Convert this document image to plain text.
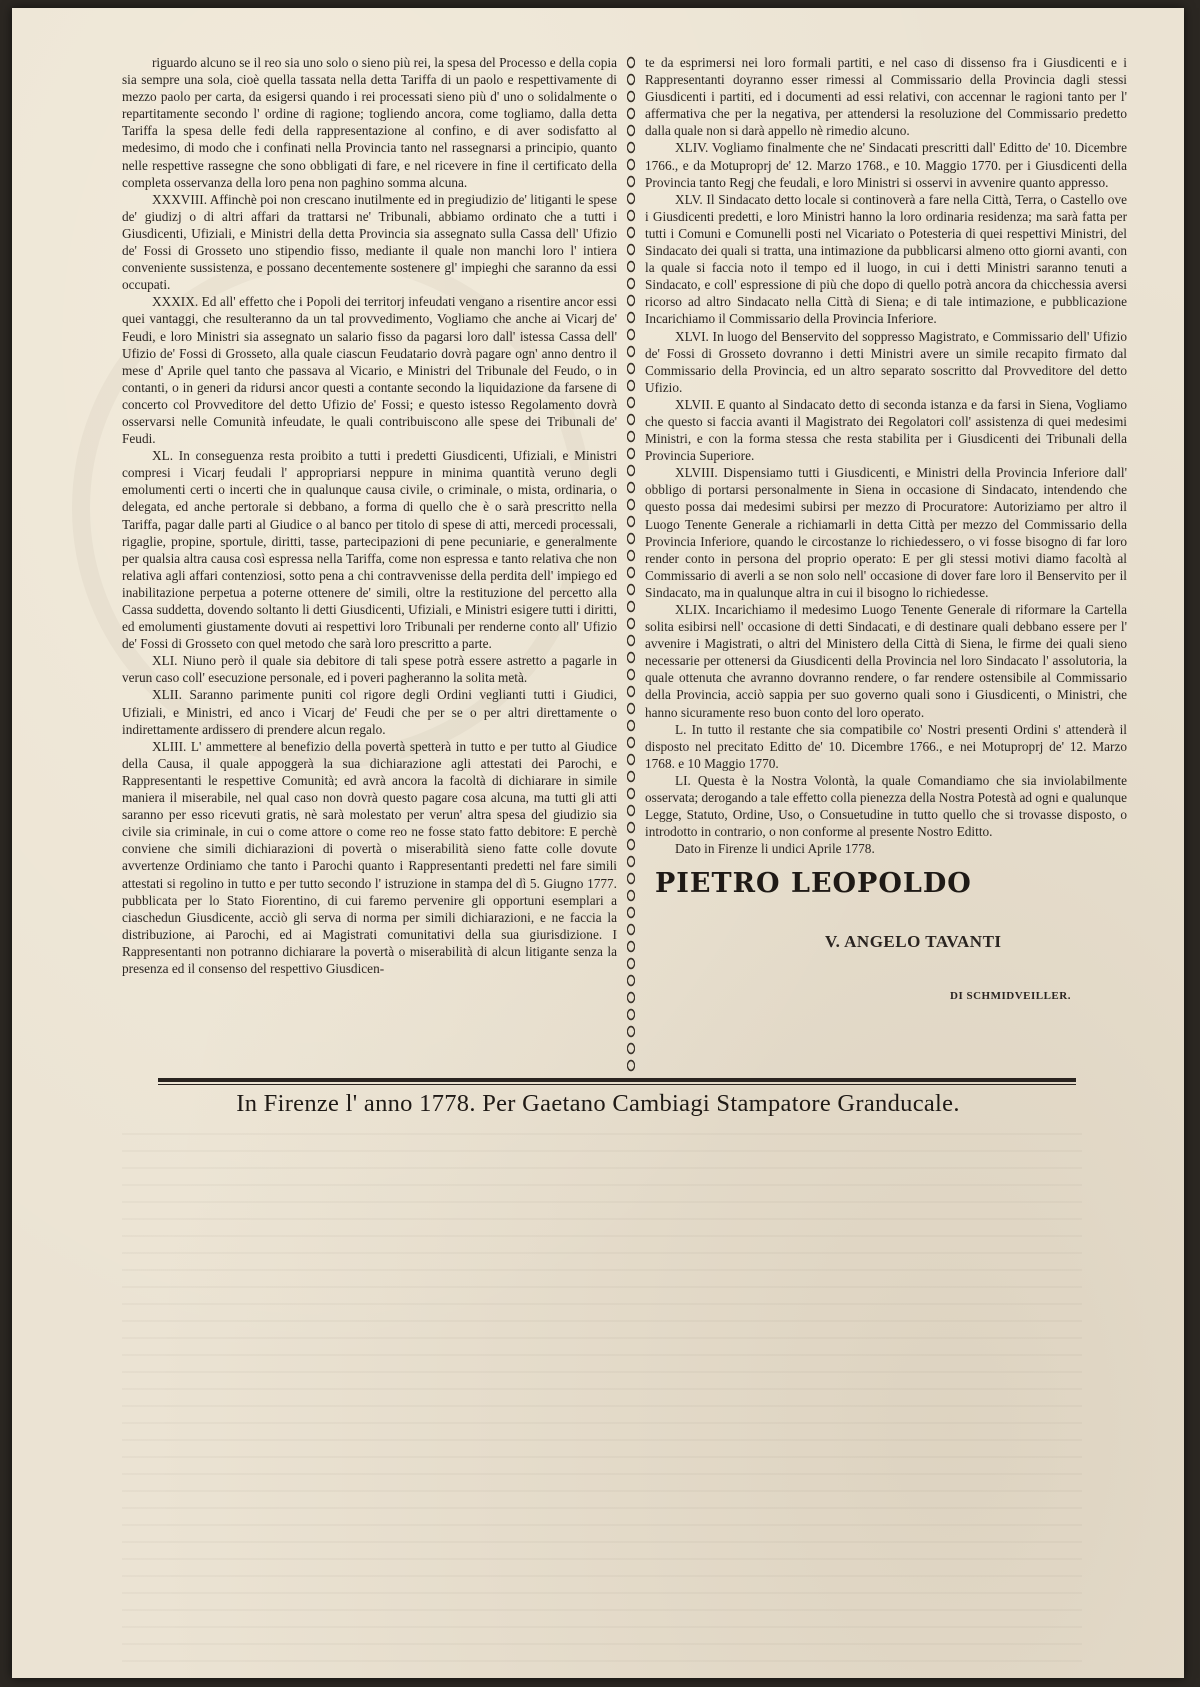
riguardo alcuno se il reo sia uno solo o sieno più rei, la spesa del Processo e della copia sia sempre una sola, cioè quella tassata nella detta Tariffa di un paolo e respettivamente di mezzo paolo per carta, da esigersi quando i rei processati sieno più d' uno o solidalmente o repartitamente secondo l' ordine di ragione; togliendo ancora, come togliamo, dalla detta Tariffa la spesa delle fedi della rappresentazione al confino, e di aver sodisfatto al medesimo, di modo che i confinati nella Provincia tanto nel rassegnarsi a principio, quanto nelle respettive rassegne che sono obbligati di fare, e nel ricevere in fine il certificato della completa osservanza della loro pena non paghino somma alcuna.

XXXVIII. Affinchè poi non crescano inutilmente ed in pregiudizio de' litiganti le spese de' giudizj o di altri affari da trattarsi ne' Tribunali, abbiamo ordinato che a tutti i Giusdicenti, Ufiziali, e Ministri della detta Provincia sia assegnato sulla Cassa dell' Ufizio de' Fossi di Grosseto uno stipendio fisso, mediante il quale non manchi loro l' intiera conveniente sussistenza, e possano decentemente sostenere gl' impieghi che saranno da essi occupati.

XXXIX. Ed all' effetto che i Popoli dei territorj infeudati vengano a risentire ancor essi quei vantaggi, che resulteranno da un tal provvedimento, Vogliamo che anche ai Vicarj de' Feudi, e loro Ministri sia assegnato un salario fisso da pagarsi loro dall' istessa Cassa dell' Ufizio de' Fossi di Grosseto, alla quale ciascun Feudatario dovrà pagare ogn' anno dentro il mese d' Aprile quel tanto che passava al Vicario, e Ministri del Tribunale del Feudo, o in contanti, o in generi da ridursi ancor questi a contante secondo la liquidazione da farsene di concerto col Provveditore del detto Ufizio de' Fossi; e questo istesso Regolamento dovrà osservarsi nelle Comunità infeudate, le quali contribuiscono alle spese dei Tribunali de' Feudi.

XL. In conseguenza resta proibito a tutti i predetti Giusdicenti, Ufiziali, e Ministri compresi i Vicarj feudali l' appropriarsi neppure in minima quantità veruno degli emolumenti certi o incerti che in qualunque causa civile, o criminale, o mista, ordinaria, o delegata, ed anche pertorale si debbano, a forma di quello che è o sarà prescritto nella Tariffa, pagar dalle parti al Giudice o al banco per titolo di spese di atti, mercedi processali, rigaglie, propine, sportule, diritti, tasse, partecipazioni di pene pecuniarie, e generalmente per qualsia altra causa così espressa nella Tariffa, come non espressa e tanto relativa che non relativa agli affari contenziosi, sotto pena a chi contravvenisse della perdita dell' impiego ed inabilitazione perpetua a poterne ottenere de' simili, oltre la restituzione del percetto alla Cassa suddetta, dovendo soltanto li detti Giusdicenti, Ufiziali, e Ministri esigere tutti i diritti, ed emolumenti giustamente dovuti ai respettivi loro Tribunali per renderne conto all' Ufizio de' Fossi di Grosseto con quel metodo che sarà loro prescritto a parte.

XLI. Niuno però il quale sia debitore di tali spese potrà essere astretto a pagarle in verun caso coll' esecuzione personale, ed i poveri pagheranno la solita metà.

XLII. Saranno parimente puniti col rigore degli Ordini veglianti tutti i Giudici, Ufiziali, e Ministri, ed anco i Vicarj de' Feudi che per se o per altri direttamente o indirettamente ardissero di prendere alcun regalo.

XLIII. L' ammettere al benefizio della povertà spetterà in tutto e per tutto al Giudice della Causa, il quale appoggerà la sua dichiarazione agli attestati dei Parochi, e Rappresentanti le respettive Comunità; ed avrà ancora la facoltà di dichiarare in simile maniera il miserabile, nel qual caso non dovrà questo pagare cosa alcuna, ma tutti gli atti saranno per esso ricevuti gratis, nè sarà molestato per verun' altra spesa del giudizio sia civile sia criminale, in cui o come attore o come reo ne fosse stato fatto debitore: E perchè conviene che simili dichiarazioni di povertà o miserabilità sieno fatte colle dovute avvertenze Ordiniamo che tanto i Parochi quanto i Rappresentanti predetti nel fare simili attestati si regolino in tutto e per tutto secondo l' istruzione in stampa del dì 5. Giugno 1777. pubblicata per lo Stato Fiorentino, di cui faremo pervenire gli opportuni esemplari a ciaschedun Giusdicente, acciò gli serva di norma per simili dichiarazioni, e ne faccia la distribuzione, ai Parochi, ed ai Magistrati comunitativi della sua giurisdizione. I Rappresentanti non potranno dichiarare la povertà o miserabilità di alcun litigante senza la presenza ed il consenso del respettivo Giusdicen-

te da esprimersi nei loro formali partiti, e nel caso di dissenso fra i Giusdicenti e i Rappresentanti doyranno esser rimessi al Commissario della Provincia dagli stessi Giusdicenti i partiti, ed i documenti ad essi relativi, con accennar le ragioni tanto per l' affermativa che per la negativa, per attendersi la resoluzione del Commissario predetto dalla quale non si darà appello nè rimedio alcuno.

XLIV. Vogliamo finalmente che ne' Sindacati prescritti dall' Editto de' 10. Dicembre 1766., e da Motuproprj de' 12. Marzo 1768., e 10. Maggio 1770. per i Giusdicenti della Provincia tanto Regj che feudali, e loro Ministri si osservi in avvenire quanto appresso.

XLV. Il Sindacato detto locale si continoverà a fare nella Città, Terra, o Castello ove i Giusdicenti predetti, e loro Ministri hanno la loro ordinaria residenza; ma sarà fatta per tutti i Comuni e Comunelli posti nel Vicariato o Potesteria di quei respettivi Ministri, del Sindacato dei quali si tratta, una intimazione da pubblicarsi almeno otto giorni avanti, con la quale si faccia noto il tempo ed il luogo, in cui i detti Ministri saranno tenuti a Sindacato, e coll' espressione di più che dopo di quello potrà ancora da chicchessia aversi ricorso ad altro Sindacato nella Città di Siena; e di tale intimazione, e pubblicazione Incarichiamo il Commissario della Provincia Inferiore.

XLVI. In luogo del Benservito del soppresso Magistrato, e Commissario dell' Ufizio de' Fossi di Grosseto dovranno i detti Ministri avere un simile recapito firmato dal Commissario della Provincia, ed un altro separato soscritto dal Provveditore del detto Ufizio.

XLVII. E quanto al Sindacato detto di seconda istanza e da farsi in Siena, Vogliamo che questo si faccia avanti il Magistrato dei Regolatori coll' assistenza di quei medesimi Ministri, e con la forma stessa che resta stabilita per i Giusdicenti dei Tribunali della Provincia Superiore.

XLVIII. Dispensiamo tutti i Giusdicenti, e Ministri della Provincia Inferiore dall' obbligo di portarsi personalmente in Siena in occasione di Sindacato, intendendo che questo possa dai medesimi subirsi per mezzo di Procuratore: Autoriziamo per altro il Luogo Tenente Generale a richiamarli in detta Città per mezzo del Commissario della Provincia Inferiore, quando le circostanze lo richiedessero, o vi fosse bisogno di far loro render conto in persona del proprio operato: E per gli stessi motivi diamo facoltà al Commissario di averli a se non solo nell' occasione di dover fare loro il Benservito per il Sindacato, ma in qualunque altra in cui il bisogno lo richiedesse.

XLIX. Incarichiamo il medesimo Luogo Tenente Generale di riformare la Cartella solita esibirsi nell' occasione di detti Sindacati, e di destinare quali debbano essere per l' avvenire i Magistrati, o altri del Ministero della Città di Siena, le firme dei quali sieno necessarie per ottenersi da Giusdicenti della Provincia nel loro Sindacato l' assolutoria, la quale ottenuta che avranno dovranno rendere, o far rendere ostensibile al Commissario della Provincia, acciò sappia per suo governo quali sono i Giusdicenti, o Ministri, che hanno sicuramente reso buon conto del loro operato.

L. In tutto il restante che sia compatibile co' Nostri presenti Ordini s' attenderà il disposto nel precitato Editto de' 10. Dicembre 1766., e nei Motuproprj de' 12. Marzo 1768. e 10 Maggio 1770.

LI. Questa è la Nostra Volontà, la quale Comandiamo che sia inviolabilmente osservata; derogando a tale effetto colla pienezza della Nostra Potestà ad ogni e qualunque Legge, Statuto, Ordine, Uso, o Consuetudine in tutto quello che si trovasse disposto, o introdotto in contrario, o non conforme al presente Nostro Editto.

Dato in Firenze li undici Aprile 1778.

PIETRO LEOPOLDO
V. ANGELO TAVANTI
DI SCHMIDVEILLER.
In Firenze l' anno 1778. Per Gaetano Cambiagi Stampatore Granducale.
